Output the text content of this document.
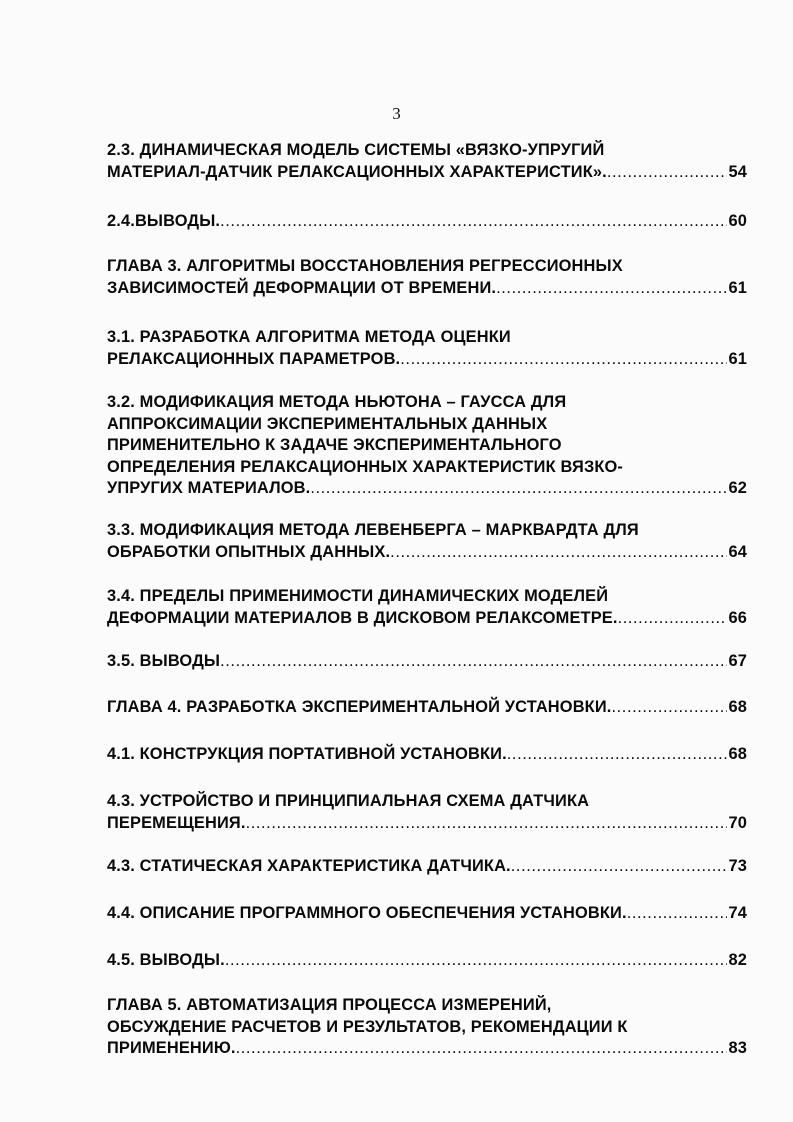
3
2.3. ДИНАМИЧЕСКАЯ МОДЕЛЬ СИСТЕМЫ «ВЯЗКО-УПРУГИЙ
МАТЕРИАЛ-ДАТЧИК РЕЛАКСАЦИОННЫХ ХАРАКТЕРИСТИК». .....	54
2.4.ВЫВОДЫ. .....	60
ГЛАВА 3. АЛГОРИТМЫ ВОССТАНОВЛЕНИЯ РЕГРЕССИОННЫХ
ЗАВИСИМОСТЕЙ ДЕФОРМАЦИИ ОТ ВРЕМЕНИ. .....	61
3.1. РАЗРАБОТКА АЛГОРИТМА МЕТОДА ОЦЕНКИ
РЕЛАКСАЦИОННЫХ ПАРАМЕТРОВ. .....	61
3.2. МОДИФИКАЦИЯ МЕТОДА НЬЮТОНА – ГАУССА ДЛЯ
АППРОКСИМАЦИИ ЭКСПЕРИМЕНТАЛЬНЫХ ДАННЫХ
ПРИМЕНИТЕЛЬНО К ЗАДАЧЕ ЭКСПЕРИМЕНТАЛЬНОГО
ОПРЕДЕЛЕНИЯ РЕЛАКСАЦИОННЫХ ХАРАКТЕРИСТИК ВЯЗКО-
УПРУГИХ МАТЕРИАЛОВ. .....	62
3.3. МОДИФИКАЦИЯ МЕТОДА ЛЕВЕНБЕРГА – МАРКВАРДТА ДЛЯ
ОБРАБОТКИ ОПЫТНЫХ ДАННЫХ. .....	64
3.4. ПРЕДЕЛЫ ПРИМЕНИМОСТИ ДИНАМИЧЕСКИХ МОДЕЛЕЙ
ДЕФОРМАЦИИ МАТЕРИАЛОВ В ДИСКОВОМ РЕЛАКСОМЕТРЕ. .....	66
3.5. ВЫВОДЫ .....	67
ГЛАВА 4. РАЗРАБОТКА ЭКСПЕРИМЕНТАЛЬНОЙ УСТАНОВКИ. .....	68
4.1. КОНСТРУКЦИЯ ПОРТАТИВНОЙ УСТАНОВКИ. .....	68
4.3. УСТРОЙСТВО И ПРИНЦИПИАЛЬНАЯ СХЕМА ДАТЧИКА
ПЕРЕМЕЩЕНИЯ. .....	70
4.3. СТАТИЧЕСКАЯ ХАРАКТЕРИСТИКА ДАТЧИКА. .....	73
4.4. ОПИСАНИЕ ПРОГРАММНОГО ОБЕСПЕЧЕНИЯ УСТАНОВКИ. .....	74
4.5. ВЫВОДЫ. .....	82
ГЛАВА 5. АВТОМАТИЗАЦИЯ ПРОЦЕССА ИЗМЕРЕНИЙ,
ОБСУЖДЕНИЕ РАСЧЕТОВ И РЕЗУЛЬТАТОВ, РЕКОМЕНДАЦИИ К
ПРИМЕНЕНИЮ. .....	83
